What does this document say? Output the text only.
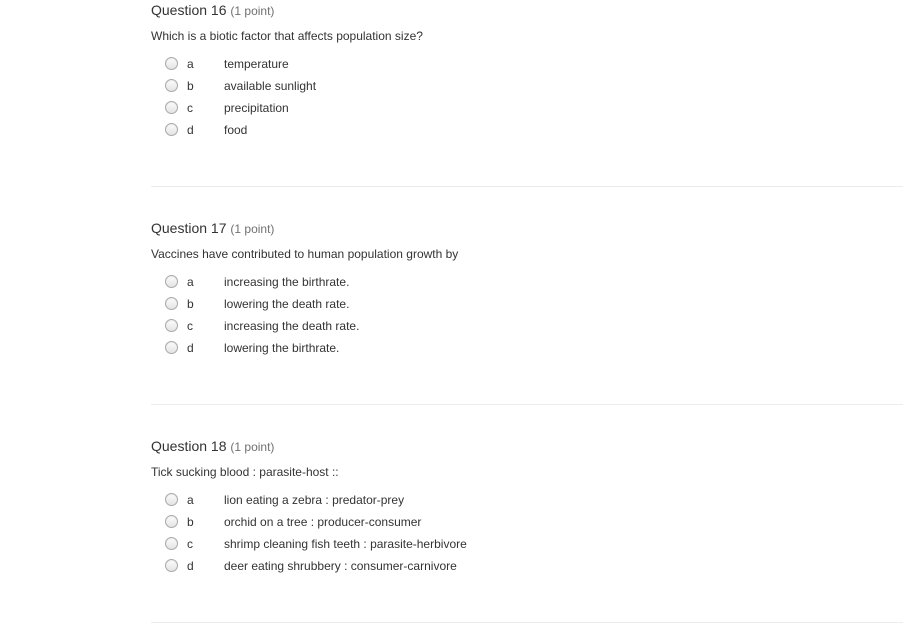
Question 16 (1 point)
Which is a biotic factor that affects population size?
a	temperature
b	available sunlight
c	precipitation
d	food
Question 17 (1 point)
Vaccines have contributed to human population growth by
a	increasing the birthrate.
b	lowering the death rate.
c	increasing the death rate.
d	lowering the birthrate.
Question 18 (1 point)
Tick sucking blood : parasite-host ::
a	lion eating a zebra : predator-prey
b	orchid on a tree : producer-consumer
c	shrimp cleaning fish teeth : parasite-herbivore
d	deer eating shrubbery : consumer-carnivore
